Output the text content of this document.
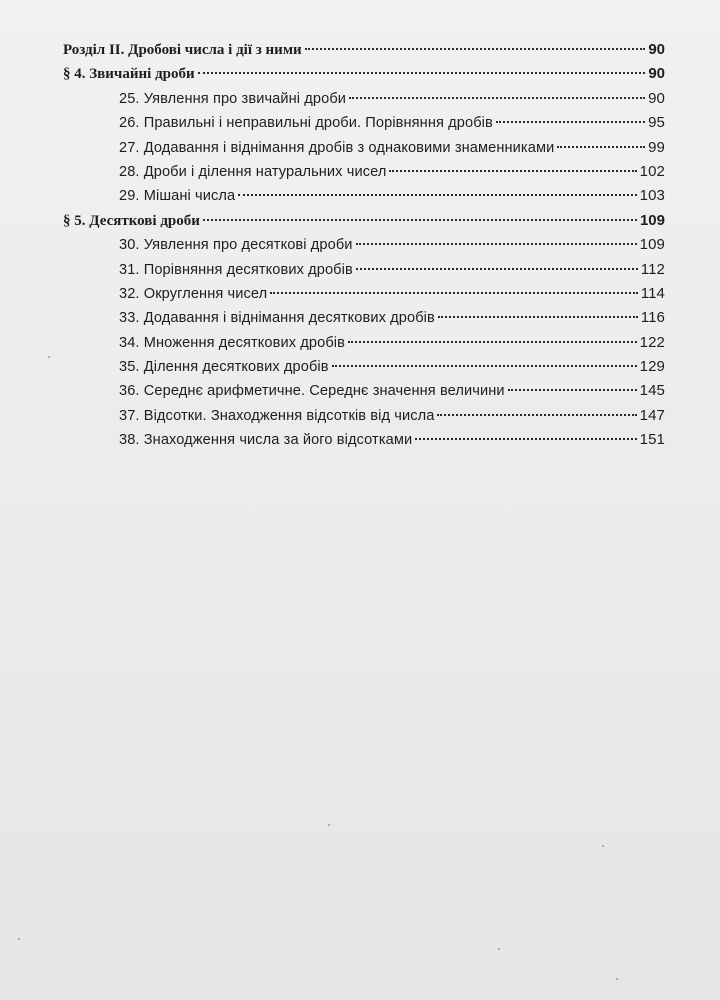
Розділ II. Дробові числа і дії з ними	90
§ 4. Звичайні дроби	90
25. Уявлення про звичайні дроби	90
26. Правильні і неправильні дроби. Порівняння дробів	95
27. Додавання і віднімання дробів з однаковими знаменниками	99
28. Дроби і ділення натуральних чисел	102
29. Мішані числа	103
§ 5. Десяткові дроби	109
30. Уявлення про десяткові дроби	109
31. Порівняння десяткових дробів	112
32. Округлення чисел	114
33. Додавання і віднімання десяткових дробів	116
34. Множення десяткових дробів	122
35. Ділення десяткових дробів	129
36. Середнє арифметичне. Середнє значення величини	145
37. Відсотки. Знаходження відсотків від числа	147
38. Знаходження числа за його відсотками	151
